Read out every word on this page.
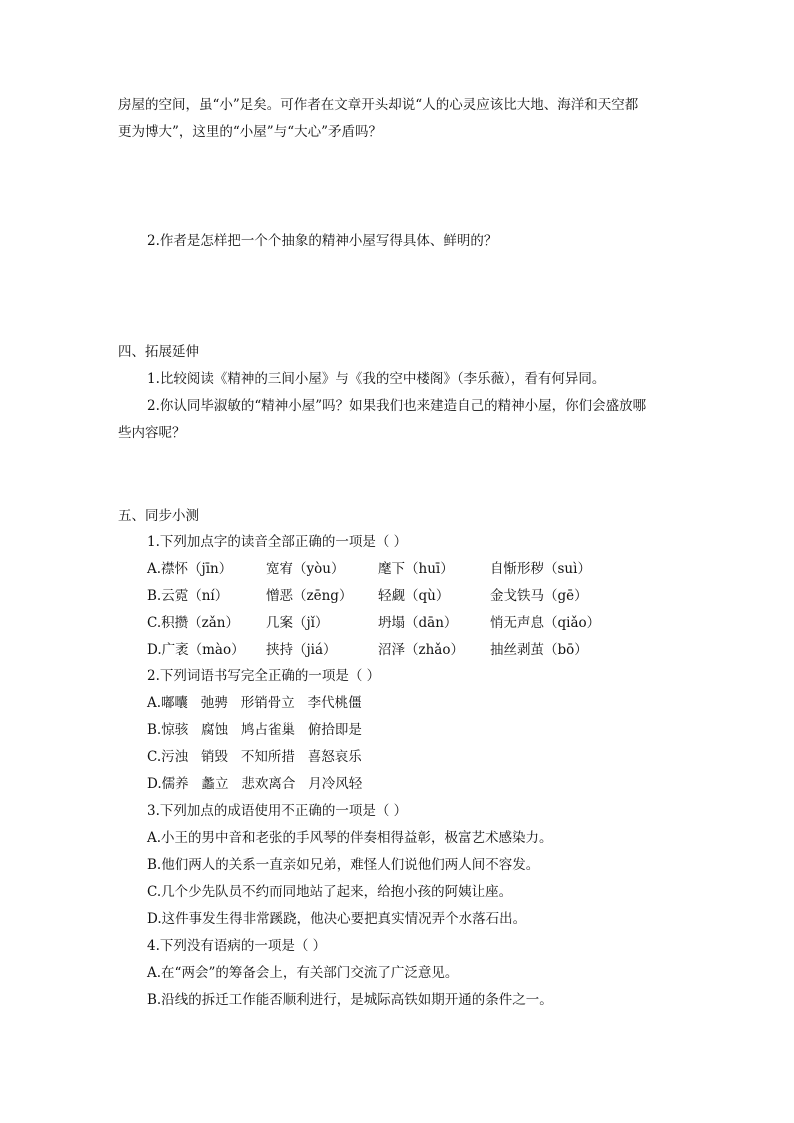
房屋的空间，虽“小”足矣。可作者在文章开头却说“人的心灵应该比大地、海洋和天空都
更为博大”，这里的“小屋”与“大心”矛盾吗？
2.作者是怎样把一个个抽象的精神小屋写得具体、鲜明的？
四、拓展延伸
1.比较阅读《精神的三间小屋》与《我的空中楼阁》（李乐薇），看有何异同。
2.你认同毕淑敏的“精神小屋”吗？如果我们也来建造自己的精神小屋，你们会盛放哪
些内容呢？
五、同步小测
1.下列加点字的读音全部正确的一项是（ ）
A.襟怀（jīn）	宽宥（yòu） 麾下（huī）	自惭形秽（suì）
B.云霓（ní）	憎恶（zēng） 轻觑（qù）	金戈铁马（gē）
C.积攒（zǎn） 几案（jǐ）	坍塌（dān） 悄无声息（qiǎo）
D.广袤（mào） 挟持（jiá）	沼泽（zhǎo） 抽丝剥茧（bō）
2.下列词语书写完全正确的一项是（ ）
A.嘟囔   弛骋   形销骨立   李代桃僵
B.惊骇   腐蚀   鸠占雀巢   俯拾即是
C.污浊   销毁   不知所措   喜怒哀乐
D.儒养   蠡立   悲欢离合   月冷风轻
3.下列加点的成语使用不正确的一项是（ ）
A.小王的男中音和老张的手风琴的伴奏相得益彰，极富艺术感染力。
B.他们两人的关系一直亲如兄弟，难怪人们说他们两人间不容发。
C.几个少先队员不约而同地站了起来，给抱小孩的阿姨让座。
D.这件事发生得非常蹊跷，他决心要把真实情况弄个水落石出。
4.下列没有语病的一项是（ ）
A.在“两会”的筹备会上，有关部门交流了广泛意见。
B.沿线的拆迁工作能否顺利进行，是城际高铁如期开通的条件之一。
